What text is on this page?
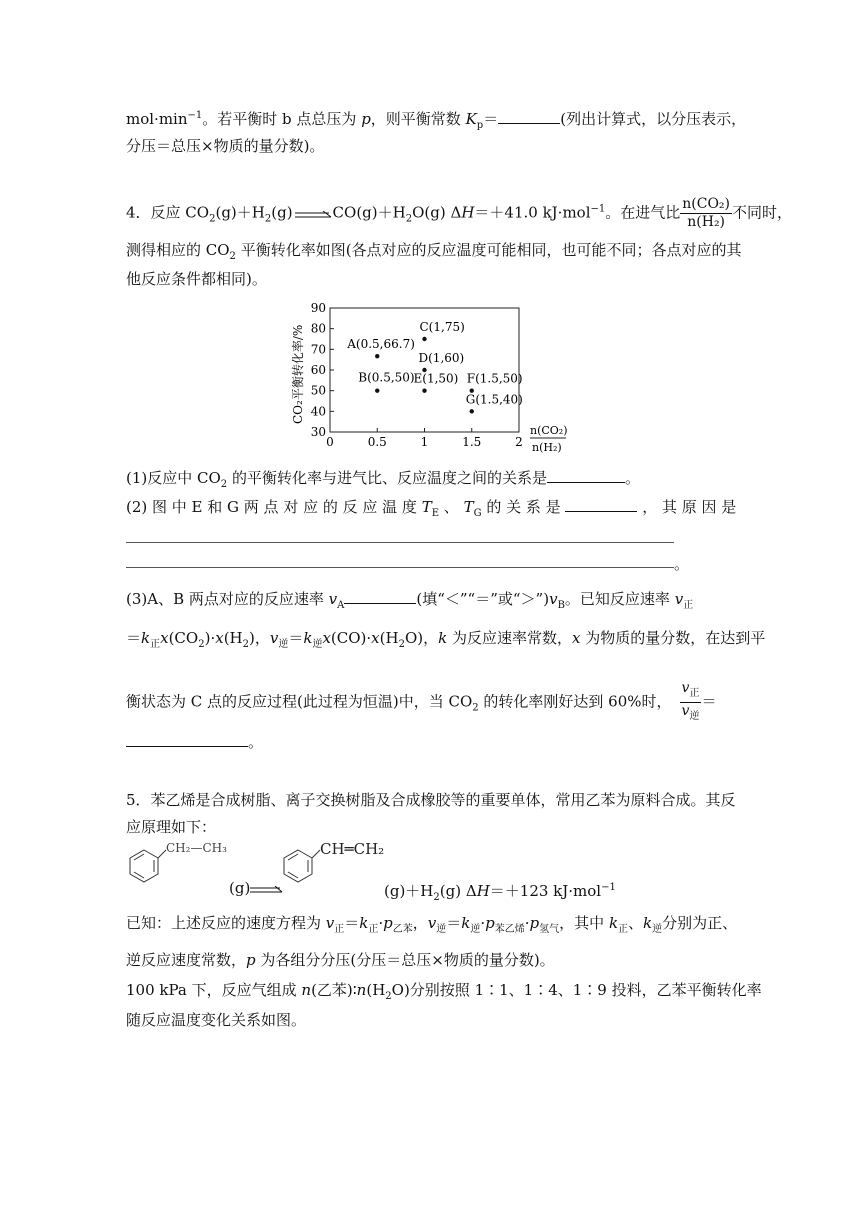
$mol\cdot\min^{-1}$。若平衡时 b 点总压为 p，则平衡常数 $K_p=$	(列出计算式，以分压表示，
分压＝总压×物质的量分数)。
4．反应 $CO_2(g)+H_2(g)$	$CO(g)+H_2O(g)$ ΔH＝＋41.0 kJ·mol$^{-1}$。在进气比 $\frac{\text{n(CO₂)}}{\text{n(H₂)}}$ 不同时，
测得相应的 $CO_2$ 平衡转化率如图(各点对应的反应温度可能相同，也可能不同；各点对应的其
他反应条件都相同)。
CO₂平衡转化率/%
90
80
70
60
50
40
30
0	0.5	1	1.5	2
A(0.5,66.7)
B(0.5,50)
C(1,75)
D(1,60)
E(1,50) F(1.5,50)
G(1.5,40)
n(CO₂)
n(H₂)
(1)反应中 $CO_2$ 的平衡转化率与进气比、反应温度之间的关系是	。
(2) 图 中 E 和 G 两 点 对 应 的 反 应 温 度 $T_E$ 、 $T_G$ 的 关 系 是	， 其 原 因 是
。
(3)A、B 两点对应的反应速率 $v_A$	(填“＜”“＝”或“$>”)v_B$。已知反应速率 $v_正$
$=k_正x(CO_2)\cdot x(H_2)$，$v_逆=k_逆x(CO)\cdot x(H_2O)$，k 为反应速率常数，x 为物质的量分数，在达到平
衡状态为 C 点的反应过程(此过程为恒温)中，当 $CO_2$ 的转化率刚好达到 60%时， $\frac{v_正}{v_逆}$ ＝
。
5．苯乙烯是合成树脂、离子交换树脂及合成橡胶等的重要单体，常用乙苯为原料合成。其反
应原理如下：
CH₂—CH₃	CH═CH₂
(g)	$(g)+H_2(g)$ ΔH＝＋123 kJ·mol$^{-1}$
已知：上述反应的速度方程为 $v_正=k_正\cdot p_{乙苯}$，$v_逆=k_逆\cdot p_{苯乙烯}\cdot p_{氢气}$，其中 $k_正$、$k_逆$分别为正、
逆反应速度常数，p 为各组分分压(分压＝总压×物质的量分数)。
100 kPa 下，反应气组成 n(乙苯)$∶n(H_2O)$分别按照 1∶1、1∶4、1∶9 投料，乙苯平衡转化率
随反应温度变化关系如图。
